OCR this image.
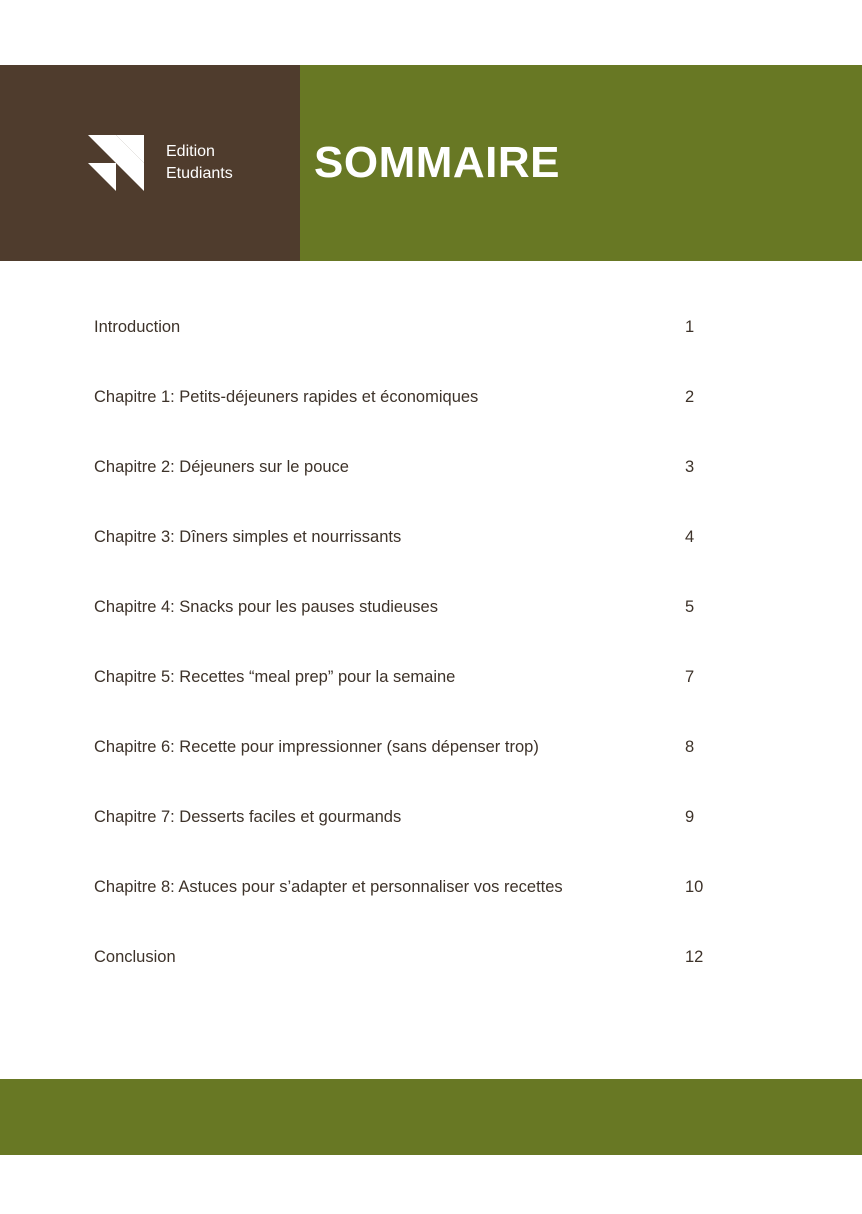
Edition
Etudiants SOMMAIRE
Introduction	1
Chapitre 1: Petits-déjeuners rapides et économiques	2
Chapitre 2: Déjeuners sur le pouce	3
Chapitre 3: Dîners simples et nourrissants	4
Chapitre 4: Snacks pour les pauses studieuses	5
Chapitre 5: Recettes “meal prep” pour la semaine	7
Chapitre 6: Recette pour impressionner (sans dépenser trop)	8
Chapitre 7: Desserts faciles et gourmands	9
Chapitre 8: Astuces pour s’adapter et personnaliser vos recettes	10
Conclusion	12
